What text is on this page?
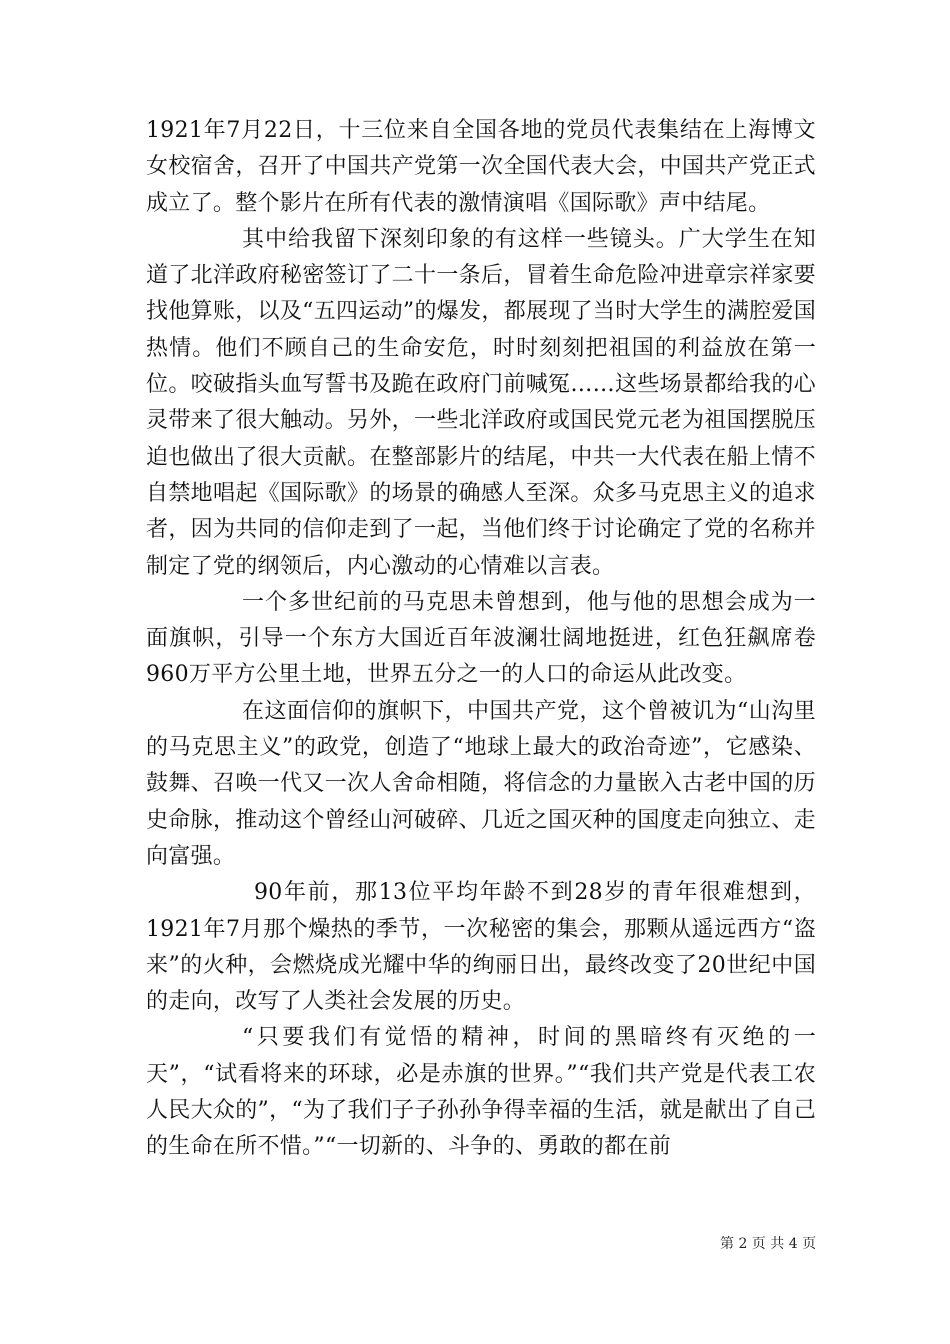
1921年7月22日，十三位来自全国各地的党员代表集结在上海博文女校宿舍，召开了中国共产党第一次全国代表大会，中国共产党正式成立了。整个影片在所有代表的激情演唱《国际歌》声中结尾。

其中给我留下深刻印象的有这样一些镜头。广大学生在知道了北洋政府秘密签订了二十一条后，冒着生命危险冲进章宗祥家要找他算账，以及“五四运动”的爆发，都展现了当时大学生的满腔爱国热情。他们不顾自己的生命安危，时时刻刻把祖国的利益放在第一位。咬破指头血写誓书及跪在政府门前喊冤……这些场景都给我的心灵带来了很大触动。另外，一些北洋政府或国民党元老为祖国摆脱压迫也做出了很大贡献。在整部影片的结尾，中共一大代表在船上情不自禁地唱起《国际歌》的场景的确感人至深。众多马克思主义的追求者，因为共同的信仰走到了一起，当他们终于讨论确定了党的名称并制定了党的纲领后，内心激动的心情难以言表。

一个多世纪前的马克思未曾想到，他与他的思想会成为一面旗帜，引导一个东方大国近百年波澜壮阔地挺进，红色狂飙席卷960万平方公里土地，世界五分之一的人口的命运从此改变。

在这面信仰的旗帜下，中国共产党，这个曾被讥为“山沟里的马克思主义”的政党，创造了“地球上最大的政治奇迹”，它感染、鼓舞、召唤一代又一次人舍命相随，将信念的力量嵌入古老中国的历史命脉，推动这个曾经山河破碎、几近之国灭种的国度走向独立、走向富强。

90年前，那13位平均年龄不到28岁的青年很难想到，1921年7月那个燥热的季节，一次秘密的集会，那颗从遥远西方“盗来”的火种，会燃烧成光耀中华的绚丽日出，最终改变了20世纪中国的走向，改写了人类社会发展的历史。

“只要我们有觉悟的精神，时间的黑暗终有灭绝的一天”，“试看将来的环球，必是赤旗的世界。”“我们共产党是代表工农人民大众的”，“为了我们子子孙孙争得幸福的生活，就是献出了自己的生命在所不惜。”“一切新的、斗争的、勇敢的都在前

第 2 页 共 4 页
